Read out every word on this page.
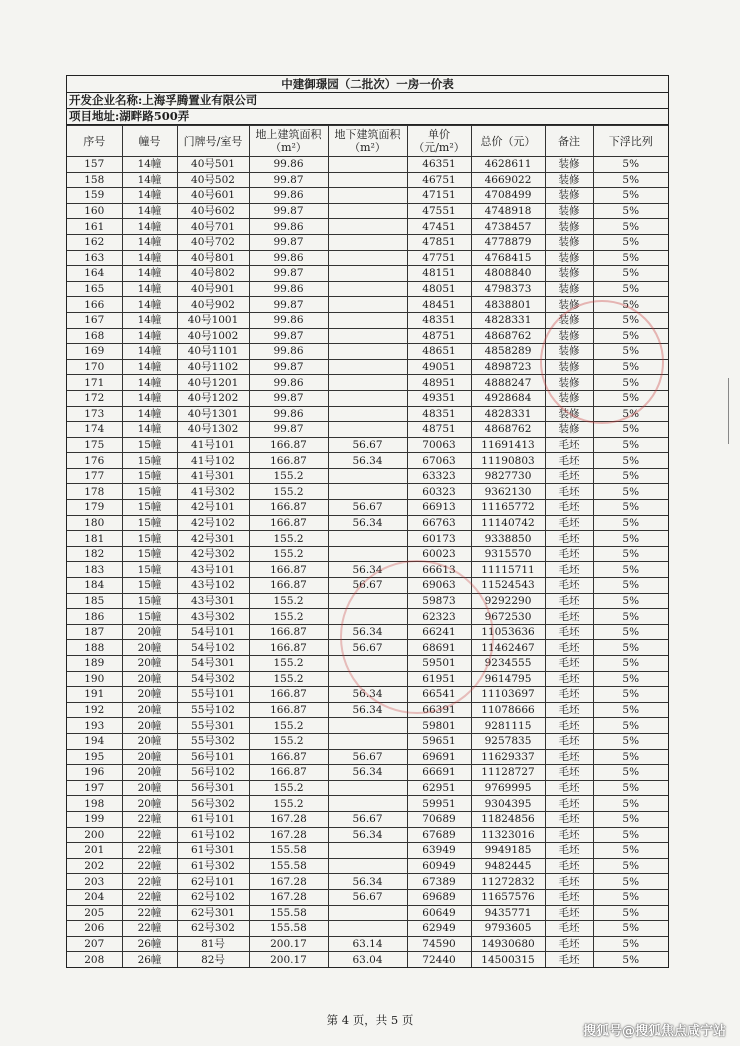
中建御璟园（二批次）一房一价表
开发企业名称:上海孚腾置业有限公司
项目地址:湖畔路500弄
序号	幢号	门牌号/室号	地上建筑面积（m²）	地下建筑面积（m²）	单价（元/m²）	总价（元）	备注	下浮比列
157	14幢	40号501	99.86		46351	4628611	装修	5%
158	14幢	40号502	99.87		46751	4669022	装修	5%
159	14幢	40号601	99.86		47151	4708499	装修	5%
160	14幢	40号602	99.87		47551	4748918	装修	5%
161	14幢	40号701	99.86		47451	4738457	装修	5%
162	14幢	40号702	99.87		47851	4778879	装修	5%
163	14幢	40号801	99.86		47751	4768415	装修	5%
164	14幢	40号802	99.87		48151	4808840	装修	5%
165	14幢	40号901	99.86		48051	4798373	装修	5%
166	14幢	40号902	99.87		48451	4838801	装修	5%
167	14幢	40号1001	99.86		48351	4828331	装修	5%
168	14幢	40号1002	99.87		48751	4868762	装修	5%
169	14幢	40号1101	99.86		48651	4858289	装修	5%
170	14幢	40号1102	99.87		49051	4898723	装修	5%
171	14幢	40号1201	99.86		48951	4888247	装修	5%
172	14幢	40号1202	99.87		49351	4928684	装修	5%
173	14幢	40号1301	99.86		48351	4828331	装修	5%
174	14幢	40号1302	99.87		48751	4868762	装修	5%
175	15幢	41号101	166.87	56.67	70063	11691413	毛坯	5%
176	15幢	41号102	166.87	56.34	67063	11190803	毛坯	5%
177	15幢	41号301	155.2		63323	9827730	毛坯	5%
178	15幢	41号302	155.2		60323	9362130	毛坯	5%
179	15幢	42号101	166.87	56.67	66913	11165772	毛坯	5%
180	15幢	42号102	166.87	56.34	66763	11140742	毛坯	5%
181	15幢	42号301	155.2		60173	9338850	毛坯	5%
182	15幢	42号302	155.2		60023	9315570	毛坯	5%
183	15幢	43号101	166.87	56.34	66613	11115711	毛坯	5%
184	15幢	43号102	166.87	56.67	69063	11524543	毛坯	5%
185	15幢	43号301	155.2		59873	9292290	毛坯	5%
186	15幢	43号302	155.2		62323	9672530	毛坯	5%
187	20幢	54号101	166.87	56.34	66241	11053636	毛坯	5%
188	20幢	54号102	166.87	56.67	68691	11462467	毛坯	5%
189	20幢	54号301	155.2		59501	9234555	毛坯	5%
190	20幢	54号302	155.2		61951	9614795	毛坯	5%
191	20幢	55号101	166.87	56.34	66541	11103697	毛坯	5%
192	20幢	55号102	166.87	56.34	66391	11078666	毛坯	5%
193	20幢	55号301	155.2		59801	9281115	毛坯	5%
194	20幢	55号302	155.2		59651	9257835	毛坯	5%
195	20幢	56号101	166.87	56.67	69691	11629337	毛坯	5%
196	20幢	56号102	166.87	56.34	66691	11128727	毛坯	5%
197	20幢	56号301	155.2		62951	9769995	毛坯	5%
198	20幢	56号302	155.2		59951	9304395	毛坯	5%
199	22幢	61号101	167.28	56.67	70689	11824856	毛坯	5%
200	22幢	61号102	167.28	56.34	67689	11323016	毛坯	5%
201	22幢	61号301	155.58		63949	9949185	毛坯	5%
202	22幢	61号302	155.58		60949	9482445	毛坯	5%
203	22幢	62号101	167.28	56.34	67389	11272832	毛坯	5%
204	22幢	62号102	167.28	56.67	69689	11657576	毛坯	5%
205	22幢	62号301	155.58		60649	9435771	毛坯	5%
206	22幢	62号302	155.58		62949	9793605	毛坯	5%
207	26幢	81号	200.17	63.14	74590	14930680	毛坯	5%
208	26幢	82号	200.17	63.04	72440	14500315	毛坯	5%
第 4 页，共 5 页
搜狐号@搜狐焦点咸宁站
